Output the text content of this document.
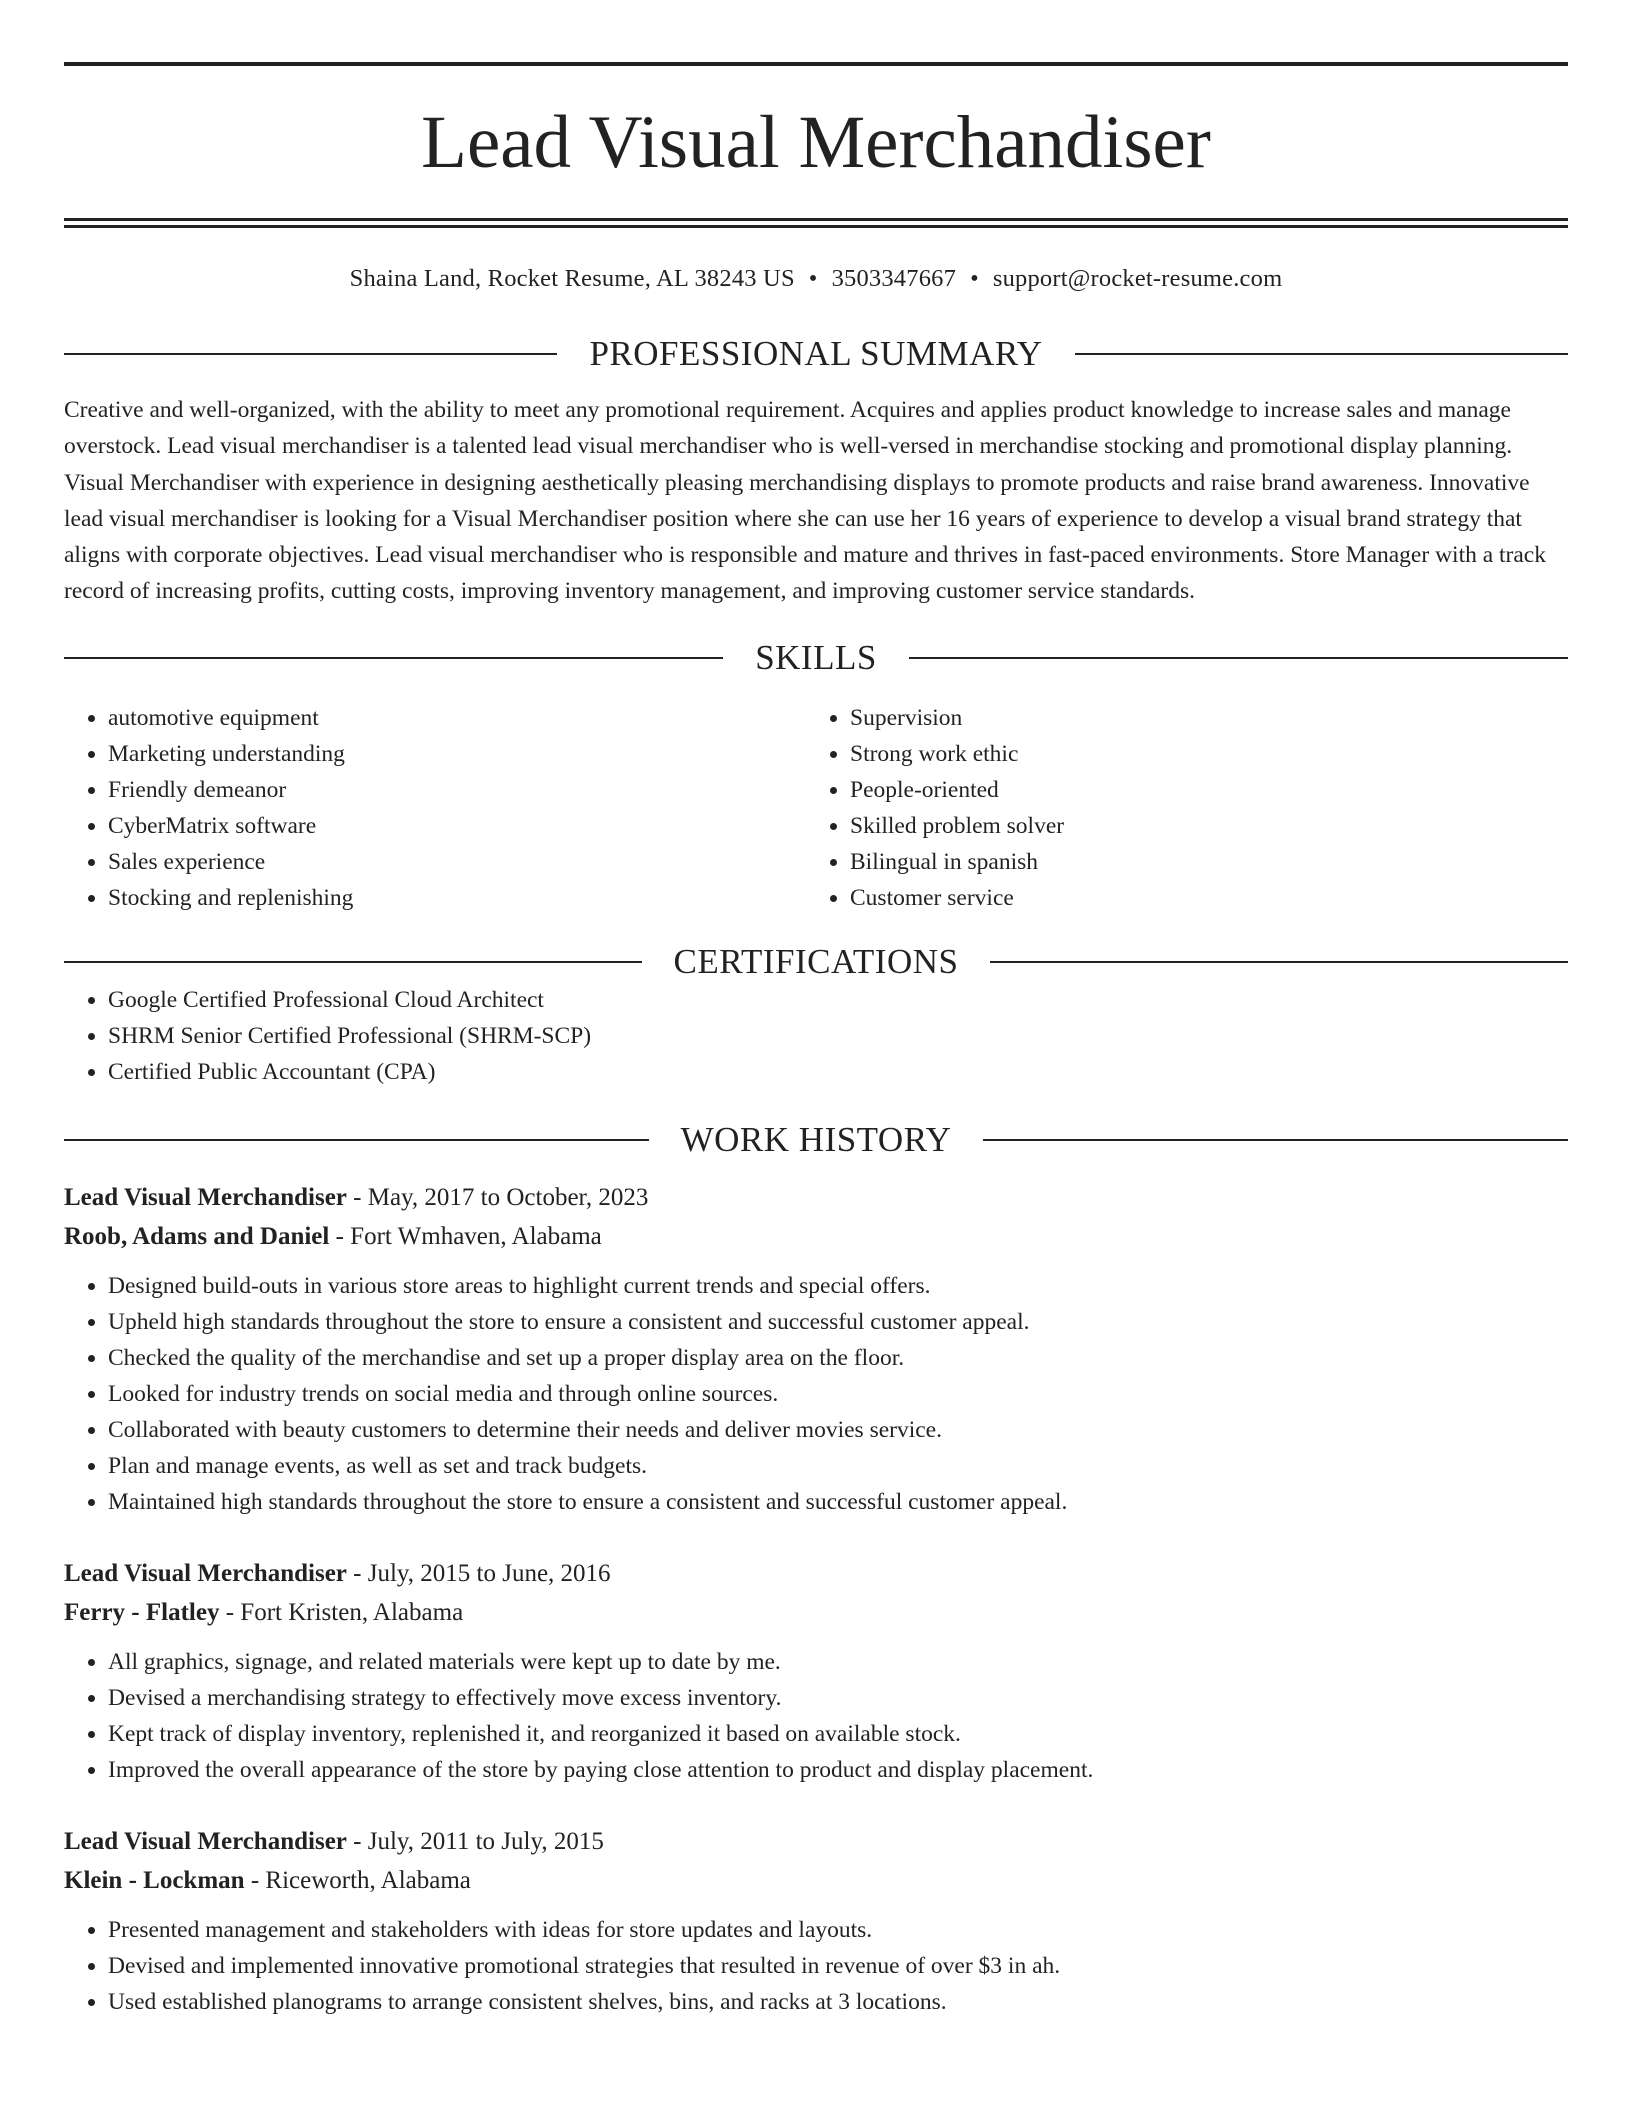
Lead Visual Merchandiser
Shaina Land, Rocket Resume, AL 38243 US • 3503347667 • support@rocket-resume.com
PROFESSIONAL SUMMARY

Creative and well-organized, with the ability to meet any promotional requirement. Acquires and applies product knowledge to increase sales and manage overstock. Lead visual merchandiser is a talented lead visual merchandiser who is well-versed in merchandise stocking and promotional display planning. Visual Merchandiser with experience in designing aesthetically pleasing merchandising displays to promote products and raise brand awareness. Innovative lead visual merchandiser is looking for a Visual Merchandiser position where she can use her 16 years of experience to develop a visual brand strategy that aligns with corporate objectives. Lead visual merchandiser who is responsible and mature and thrives in fast-paced environments. Store Manager with a track record of increasing profits, cutting costs, improving inventory management, and improving customer service standards.

SKILLS
• automotive equipment
• Marketing understanding
• Friendly demeanor
• CyberMatrix software
• Sales experience
• Stocking and replenishing
• Supervision
• Strong work ethic
• People-oriented
• Skilled problem solver
• Bilingual in spanish
• Customer service
CERTIFICATIONS
• Google Certified Professional Cloud Architect
• SHRM Senior Certified Professional (SHRM-SCP)
• Certified Public Accountant (CPA)
WORK HISTORY
Lead Visual Merchandiser - May, 2017 to October, 2023
Roob, Adams and Daniel - Fort Wmhaven, Alabama
• Designed build-outs in various store areas to highlight current trends and special offers.
• Upheld high standards throughout the store to ensure a consistent and successful customer appeal.
• Checked the quality of the merchandise and set up a proper display area on the floor.
• Looked for industry trends on social media and through online sources.
• Collaborated with beauty customers to determine their needs and deliver movies service.
• Plan and manage events, as well as set and track budgets.
• Maintained high standards throughout the store to ensure a consistent and successful customer appeal.
Lead Visual Merchandiser - July, 2015 to June, 2016
Ferry - Flatley - Fort Kristen, Alabama
• All graphics, signage, and related materials were kept up to date by me.
• Devised a merchandising strategy to effectively move excess inventory.
• Kept track of display inventory, replenished it, and reorganized it based on available stock.
• Improved the overall appearance of the store by paying close attention to product and display placement.
Lead Visual Merchandiser - July, 2011 to July, 2015
Klein - Lockman - Riceworth, Alabama
• Presented management and stakeholders with ideas for store updates and layouts.
• Devised and implemented innovative promotional strategies that resulted in revenue of over $3 in ah.
• Used established planograms to arrange consistent shelves, bins, and racks at 3 locations.
